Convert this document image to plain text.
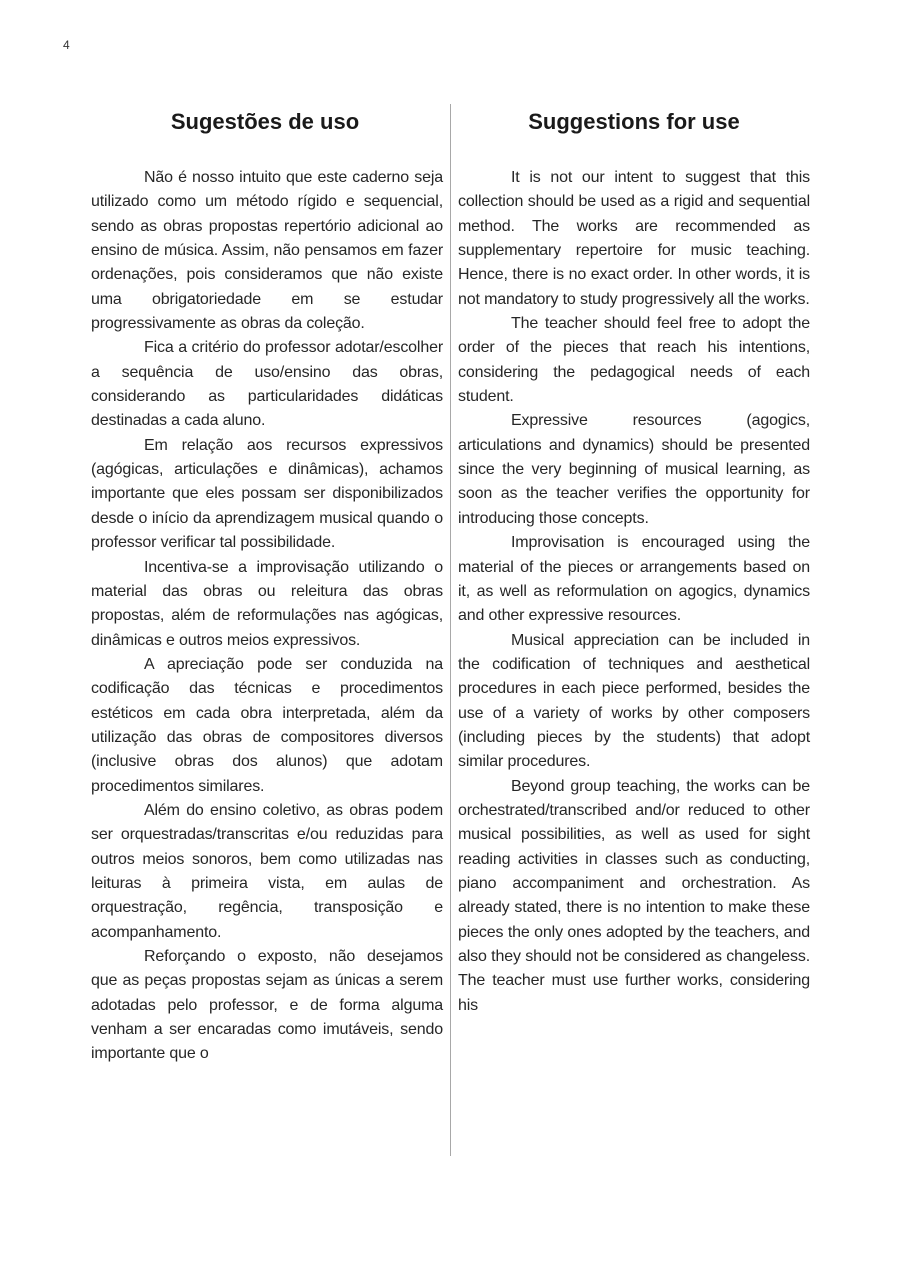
4
Sugestões de uso

Não é nosso intuito que este caderno seja utilizado como um método rígido e sequencial, sendo as obras propostas repertório adicional ao ensino de música. Assim, não pensamos em fazer ordenações, pois consideramos que não existe uma obrigatoriedade em se estudar progressivamente as obras da coleção.

Fica a critério do professor adotar/escolher a sequência de uso/ensino das obras, considerando as particularidades didáticas destinadas a cada aluno.

Em relação aos recursos expressivos (agógicas, articulações e dinâmicas), achamos importante que eles possam ser disponibilizados desde o início da aprendizagem musical quando o professor verificar tal possibilidade.

Incentiva-se a improvisação utilizando o material das obras ou releitura das obras propostas, além de reformulações nas agógicas, dinâmicas e outros meios expressivos.

A apreciação pode ser conduzida na codificação das técnicas e procedimentos estéticos em cada obra interpretada, além da utilização das obras de compositores diversos (inclusive obras dos alunos) que adotam procedimentos similares.

Além do ensino coletivo, as obras podem ser orquestradas/transcritas e/ou reduzidas para outros meios sonoros, bem como utilizadas nas leituras à primeira vista, em aulas de orquestração, regência, transposição e acompanhamento.

Reforçando o exposto, não desejamos que as peças propostas sejam as únicas a serem adotadas pelo professor, e de forma alguma venham a ser encaradas como imutáveis, sendo importante que o

Suggestions for use

It is not our intent to suggest that this collection should be used as a rigid and sequential method. The works are recommended as supplementary repertoire for music teaching. Hence, there is no exact order. In other words, it is not mandatory to study progressively all the works.

The teacher should feel free to adopt the order of the pieces that reach his intentions, considering the pedagogical needs of each student.

Expressive resources (agogics, articulations and dynamics) should be presented since the very beginning of musical learning, as soon as the teacher verifies the opportunity for introducing those concepts.

Improvisation is encouraged using the material of the pieces or arrangements based on it, as well as reformulation on agogics, dynamics and other expressive resources.

Musical appreciation can be included in the codification of techniques and aesthetical procedures in each piece performed, besides the use of a variety of works by other composers (including pieces by the students) that adopt similar procedures.

Beyond group teaching, the works can be orchestrated/transcribed and/or reduced to other musical possibilities, as well as used for sight reading activities in classes such as conducting, piano accompaniment and orchestration. As already stated, there is no intention to make these pieces the only ones adopted by the teachers, and also they should not be considered as changeless. The teacher must use further works, considering his
